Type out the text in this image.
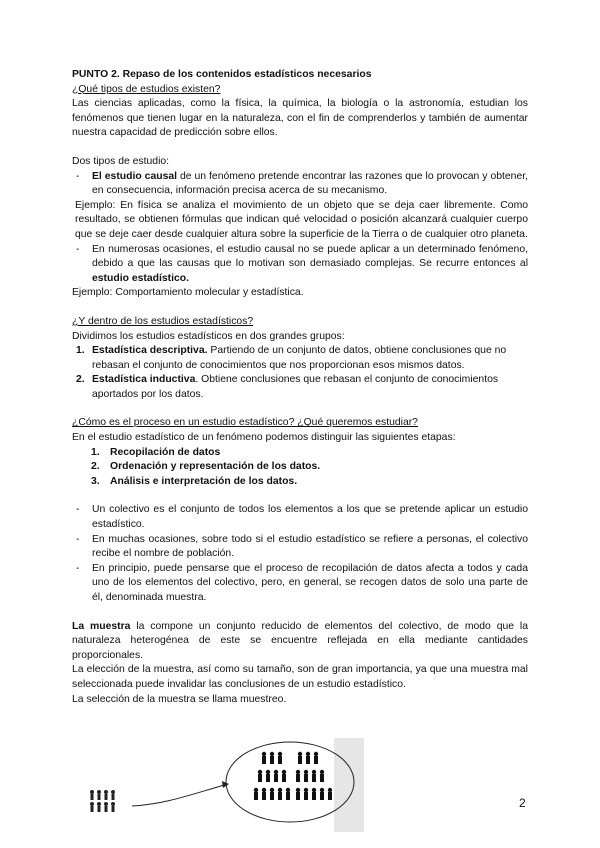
PUNTO 2. Repaso de los contenidos estadísticos necesarios

¿Qué tipos de estudios existen?

Las ciencias aplicadas, como la física, la química, la biología o la astronomía, estudian los fenómenos que tienen lugar en la naturaleza, con el fin de comprenderlos y también de aumentar nuestra capacidad de predicción sobre ellos.

Dos tipos de estudio:

- El estudio causal de un fenómeno pretende encontrar las razones que lo provocan y obtener, en consecuencia, información precisa acerca de su mecanismo.

Ejemplo: En física se analiza el movimiento de un objeto que se deja caer libremente. Como resultado, se obtienen fórmulas que indican qué velocidad o posición alcanzará cualquier cuerpo que se deje caer desde cualquier altura sobre la superficie de la Tierra o de cualquier otro planeta.

- En numerosas ocasiones, el estudio causal no se puede aplicar a un determinado fenómeno, debido a que las causas que lo motivan son demasiado complejas. Se recurre entonces al estudio estadístico.

Ejemplo: Comportamiento molecular y estadística.

¿Y dentro de los estudios estadísticos?

Dividimos los estudios estadísticos en dos grandes grupos:

1. Estadística descriptiva. Partiendo de un conjunto de datos, obtiene conclusiones que no rebasan el conjunto de conocimientos que nos proporcionan esos mismos datos.
2. Estadística inductiva. Obtiene conclusiones que rebasan el conjunto de conocimientos aportados por los datos.

¿Cómo es el proceso en un estudio estadístico? ¿Qué queremos estudiar?

En el estudio estadístico de un fenómeno podemos distinguir las siguientes etapas:

1. Recopilación de datos
2. Ordenación y representación de los datos.
3. Análisis e interpretación de los datos.
- Un colectivo es el conjunto de todos los elementos a los que se pretende aplicar un estudio estadístico.
- En muchas ocasiones, sobre todo si el estudio estadístico se refiere a personas, el colectivo recibe el nombre de población.
- En principio, puede pensarse que el proceso de recopilación de datos afecta a todos y cada uno de los elementos del colectivo, pero, en general, se recogen datos de solo una parte de él, denominada muestra.

La muestra la compone un conjunto reducido de elementos del colectivo, de modo que la naturaleza heterogénea de este se encuentre reflejada en ella mediante cantidades proporcionales.

La elección de la muestra, así como su tamaño, son de gran importancia, ya que una muestra mal seleccionada puede invalidar las conclusiones de un estudio estadístico.

La selección de la muestra se llama muestreo.

2
